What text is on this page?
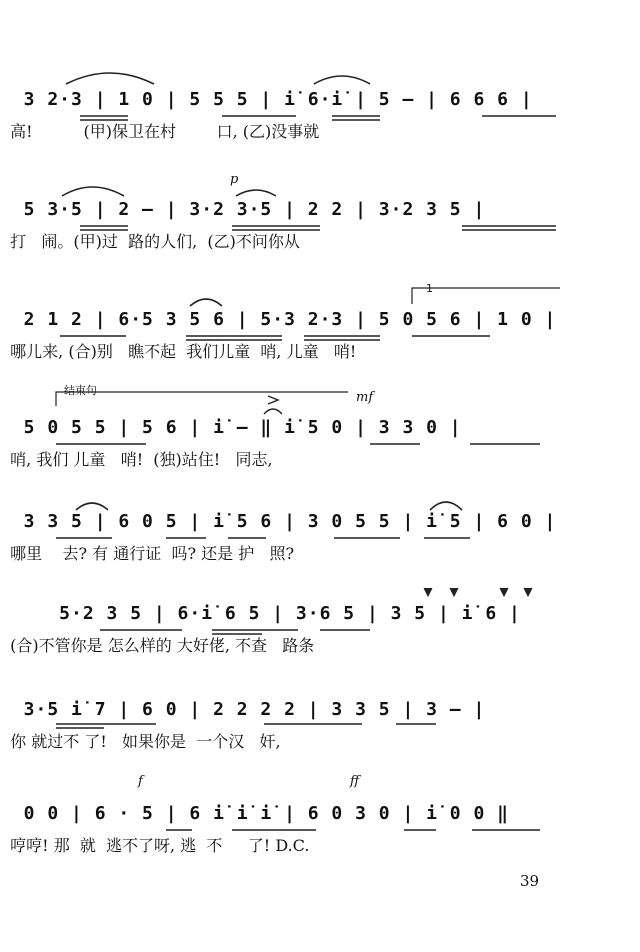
3 2·3 | 1 0 | 5 5 5 | i̇ 6·i̇ | 5 – | 6 6 6 |
高!          (甲)保卫在村        口, (乙)没事就
p
5 3·5 | 2 – | 3·2 3·5 | 2 2 | 3·2 3 5 |
打   闹。(甲)过  路的人们,  (乙)不问你从
1
2 1 2 | 6·5 3 5 6 | 5·3 2·3 | 5 0 5 6 | 1 0 |
哪儿来, (合)别   瞧不起  我们儿童  哨, 儿童   哨!
结束句	mf
5 0 5 5 | 5 6 | i̇ – ‖ i̇ 5 0 | 3 3 0 |
哨, 我们 儿童   哨!  (独)站住!   同志,
3 3 5 | 6 0 5 | i̇ 5 6 | 3 0 5 5 | i̇ 5 | 6 0 |
哪里    去? 有 通行证  吗? 还是 护   照?
5·2 3 5 | 6·i̇ 6 5 | 3·6 5 | 3 5 | i̇ 6 |
(合)不管你是 怎么样的 大好佬, 不查   路条
3·5 i̇ 7 | 6 0 | 2 2 2 2 | 3 3 5 | 3 – |
你 就过不 了!   如果你是  一个汉   奸,
f	ff
0 0 | 6 · 5 | 6 i̇ i̇ i̇ | 6 0 3 0 | i̇ 0 0 ‖
哼哼! 那  就  逃不了呀, 逃  不     了! D.C.
39
